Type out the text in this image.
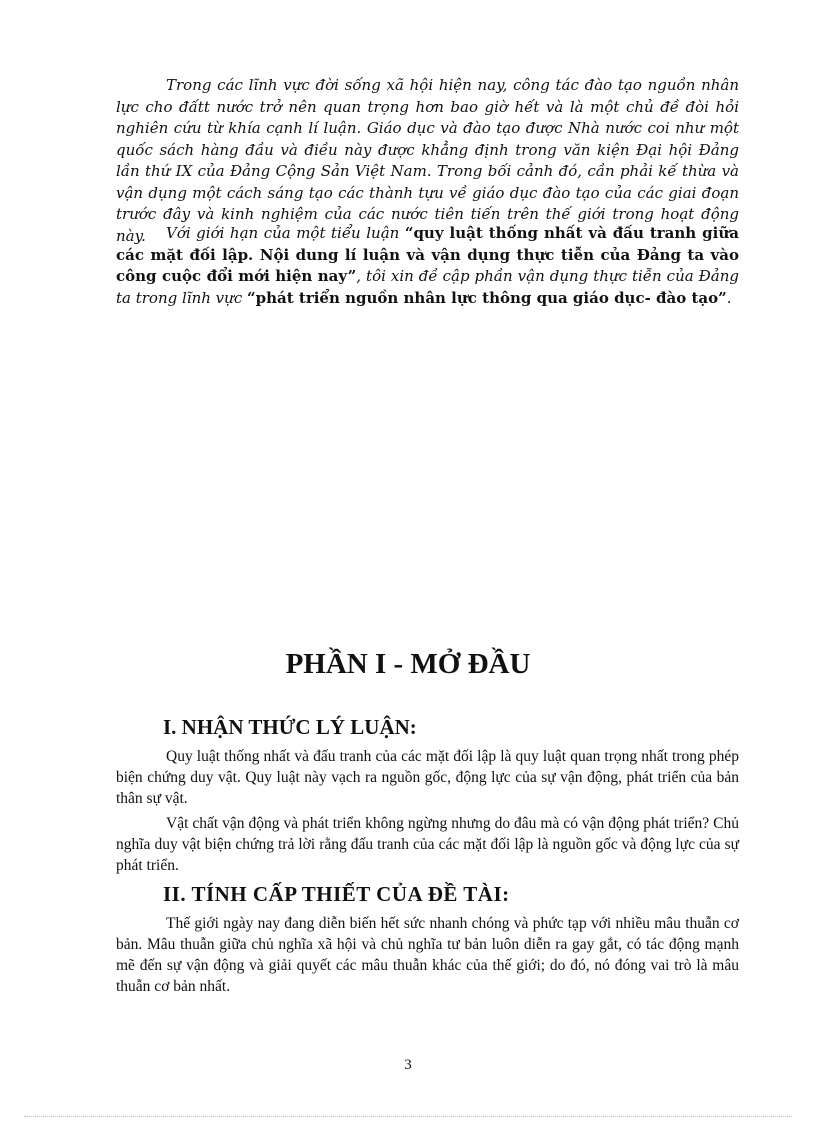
Trong các lĩnh vực đời sống xã hội hiện nay, công tác đào tạo nguồn nhân lực cho đấtt nước trở nên quan trọng hơn bao giờ hết và là một chủ đề đòi hỏi nghiên cứu từ khía cạnh lí luận. Giáo dục và đào tạo được Nhà nước coi như một quốc sách hàng đầu và điều này được khẳng định trong văn kiện Đại hội Đảng lần thứ IX của Đảng Cộng Sản Việt Nam. Trong bối cảnh đó, cần phải kế thừa và vận dụng một cách sáng tạo các thành tựu về giáo dục đào tạo của các giai đoạn trước đây và kinh nghiệm của các nước tiên tiến trên thế giới trong hoạt động này.	Với giới hạn của một tiểu luận “quy luật thống nhất và đấu tranh giữa các mặt đối lập. Nội dung lí luận và vận dụng thực tiễn của Đảng ta vào công cuộc đổi mới hiện nay”, tôi xin đề cập phần vận dụng thực tiễn của Đảng ta trong lĩnh vực “phát triển nguồn nhân lực thông qua giáo dục- đào tạo”.

PHẦN I - MỞ ĐẦU
I. NHẬN THỨC LÝ LUẬN:

Quy luật thống nhất và đấu tranh của các mặt đối lập là quy luật quan trọng nhất trong phép biện chứng duy vật. Quy luật này vạch ra nguồn gốc, động lực của sự vận động, phát triển của bản thân sự vật.

Vật chất vận động và phát triển không ngừng nhưng do đâu mà có vận động phát triển? Chủ nghĩa duy vật biện chứng trả lời rằng đấu tranh của các mặt đối lập là nguồn gốc và động lực của sự phát triển.

II. TÍNH CẤP THIẾT CỦA ĐỀ TÀI:

Thế giới ngày nay đang diễn biến hết sức nhanh chóng và phức tạp với nhiều mâu thuẫn cơ bản. Mâu thuẫn giữa chủ nghĩa xã hội và chủ nghĩa tư bản luôn diễn ra gay gắt, có tác động mạnh mẽ đến sự vận động và giải quyết các mâu thuẫn khác của thế giới; do đó, nó đóng vai trò là mâu thuẫn cơ bản nhất.

3
